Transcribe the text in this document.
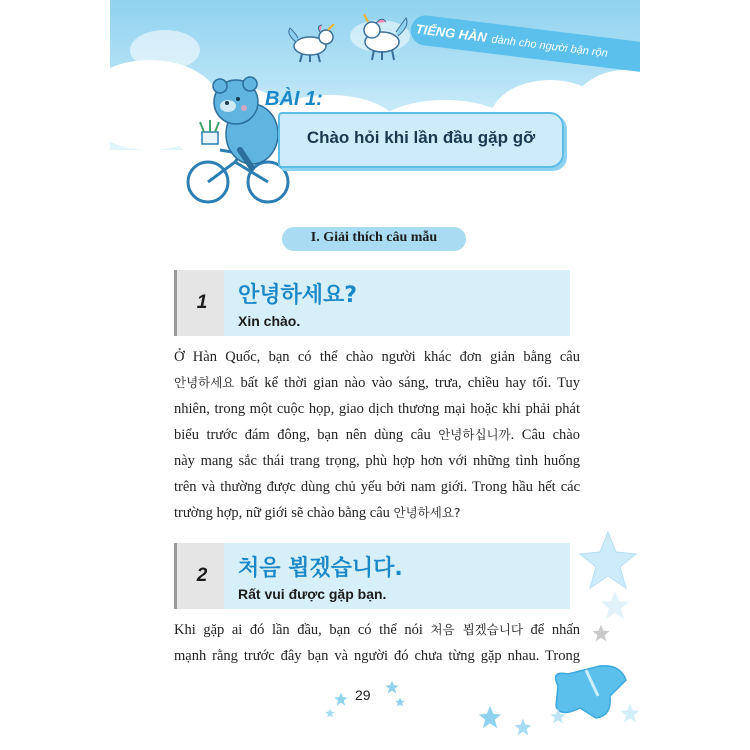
TIẾNG HÀNdành cho người bận rộn
Chào hỏi khi lần đầu gặp gỡ
BÀI 1:
I. Giải thích câu mẫu
1	안녕하세요?
Xin chào.
Ở Hàn Quốc, bạn có thể chào người khác đơn giản bằng câu
안녕하세요 bất kể thời gian nào vào sáng, trưa, chiều hay tối. Tuy
nhiên, trong một cuộc họp, giao dịch thương mại hoặc khi phải phát
biểu trước đám đông, bạn nên dùng câu 안녕하십니까. Câu chào
này mang sắc thái trang trọng, phù hợp hơn với những tình huống
trên và thường được dùng chủ yếu bởi nam giới. Trong hầu hết các
trường hợp, nữ giới sẽ chào bằng câu 안녕하세요?
2	처음 뵙겠습니다.
Rất vui được gặp bạn.
Khi gặp ai đó lần đầu, bạn có thể nói 처음 뵙겠습니다 để nhấn
mạnh rằng trước đây bạn và người đó chưa từng gặp nhau. Trong
29
